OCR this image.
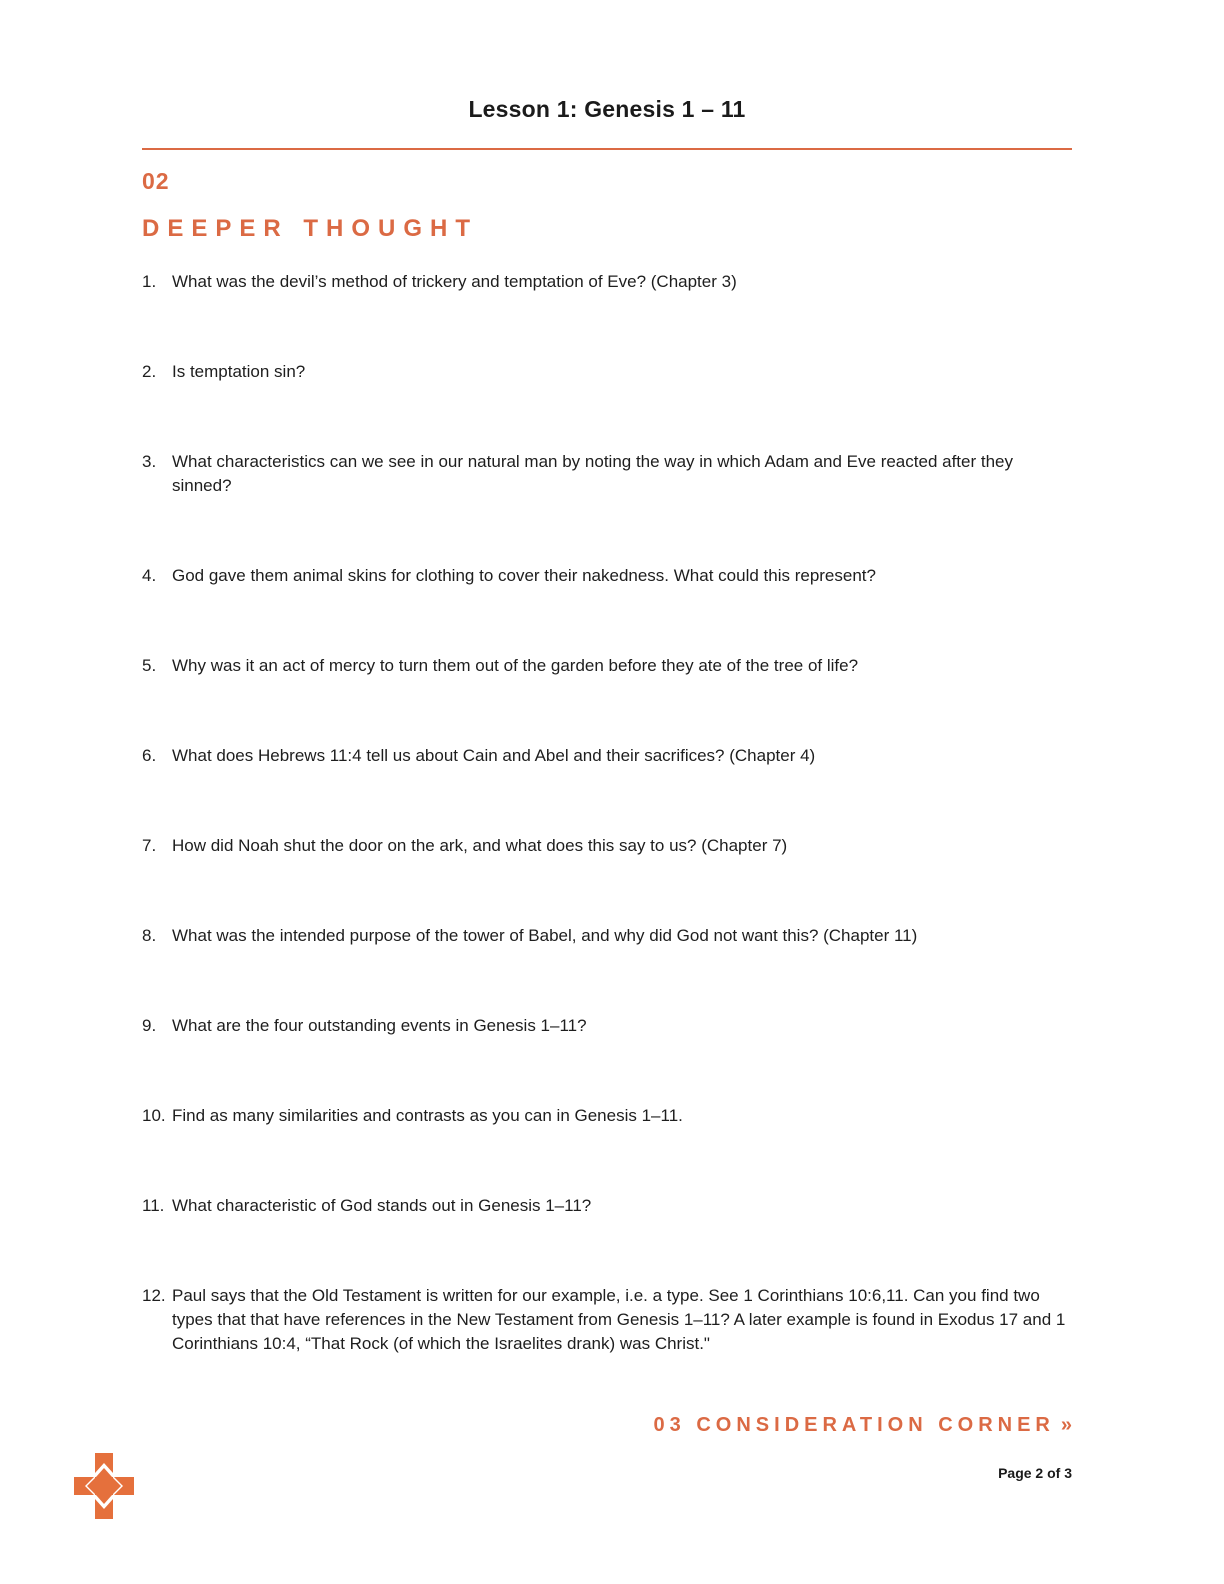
Lesson 1: Genesis 1 – 11
02
DEEPER THOUGHT
1. What was the devil’s method of trickery and temptation of Eve? (Chapter 3)
2. Is temptation sin?
3. What characteristics can we see in our natural man by noting the way in which Adam and Eve reacted after they sinned?
4. God gave them animal skins for clothing to cover their nakedness. What could this represent?
5. Why was it an act of mercy to turn them out of the garden before they ate of the tree of life?
6. What does Hebrews 11:4 tell us about Cain and Abel and their sacrifices? (Chapter 4)
7. How did Noah shut the door on the ark, and what does this say to us? (Chapter 7)
8. What was the intended purpose of the tower of Babel, and why did God not want this? (Chapter 11)
9. What are the four outstanding events in Genesis 1–11?
10. Find as many similarities and contrasts as you can in Genesis 1–11.
11. What characteristic of God stands out in Genesis 1–11?
12. Paul says that the Old Testament is written for our example, i.e. a type. See 1 Corinthians 10:6,11. Can you find two types that that have references in the New Testament from Genesis 1–11? A later example is found in Exodus 17 and 1 Corinthians 10:4, “That Rock (of which the Israelites drank) was Christ."
03 CONSIDERATION CORNER »
Page 2 of 3
